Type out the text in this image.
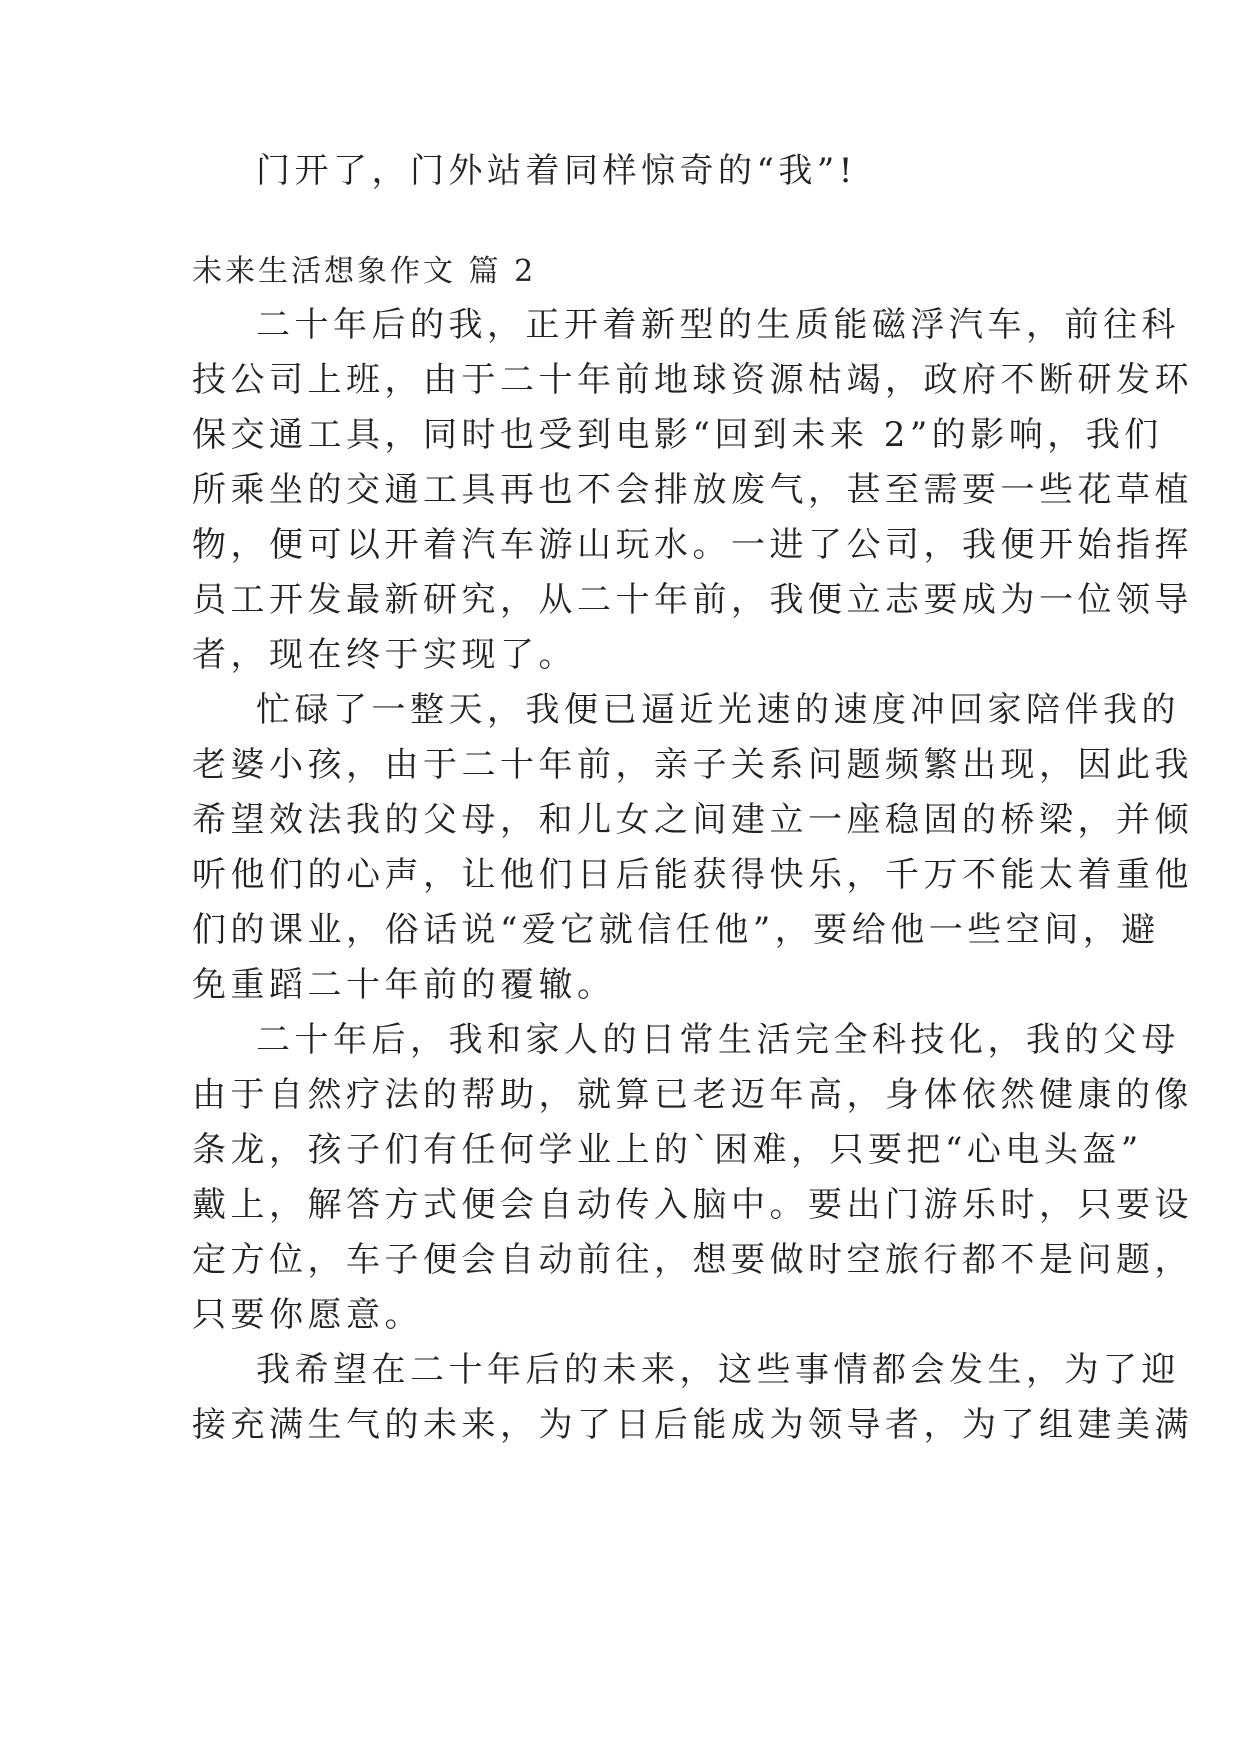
门开了，门外站着同样惊奇的“我”!
未来生活想象作文 篇 2
二十年后的我，正开着新型的生质能磁浮汽车，前往科
技公司上班，由于二十年前地球资源枯竭，政府不断研发环
保交通工具，同时也受到电影“回到未来 2”的影响，我们
所乘坐的交通工具再也不会排放废气，甚至需要一些花草植
物，便可以开着汽车游山玩水。一进了公司，我便开始指挥
员工开发最新研究，从二十年前，我便立志要成为一位领导
者，现在终于实现了。
忙碌了一整天，我便已逼近光速的速度冲回家陪伴我的
老婆小孩，由于二十年前，亲子关系问题频繁出现，因此我
希望效法我的父母，和儿女之间建立一座稳固的桥梁，并倾
听他们的心声，让他们日后能获得快乐，千万不能太着重他
们的课业，俗话说“爱它就信任他”，要给他一些空间，避
免重蹈二十年前的覆辙。
二十年后，我和家人的日常生活完全科技化，我的父母
由于自然疗法的帮助，就算已老迈年高，身体依然健康的像
条龙，孩子们有任何学业上的`困难，只要把“心电头盔”
戴上，解答方式便会自动传入脑中。要出门游乐时，只要设
定方位，车子便会自动前往，想要做时空旅行都不是问题，
只要你愿意。
我希望在二十年后的未来，这些事情都会发生，为了迎
接充满生气的未来，为了日后能成为领导者，为了组建美满
